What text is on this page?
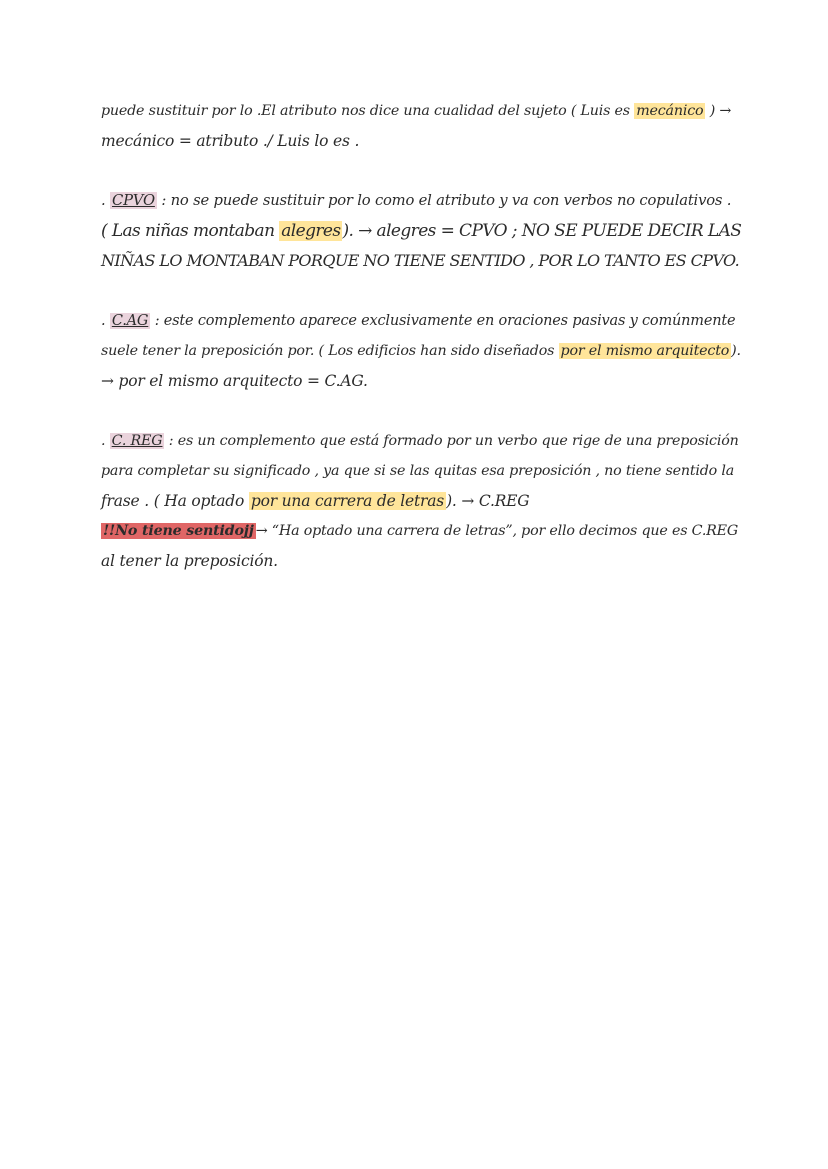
puede sustituir por lo .El atributo nos dice una cualidad del sujeto ( Luis es mecánico ) →
mecánico = atributo ./ Luis lo es .
. CPVO : no se puede sustituir por lo como el atributo y va con verbos no copulativos .
( Las niñas montaban alegres ). → alegres = CPVO ; NO SE PUEDE DECIR LAS
NIÑAS LO MONTABAN PORQUE NO TIENE SENTIDO , POR LO TANTO ES CPVO.
. C.AG : este complemento aparece exclusivamente en oraciones pasivas y comúnmente
suele tener la preposición por. ( Los edificios han sido diseñados por el mismo arquitecto ).
→ por el mismo arquitecto = C.AG.
. C. REG : es un complemento que está formado por un verbo que rige de una preposición
para completar su significado , ya que si se las quitas esa preposición , no tiene sentido la
frase . ( Ha optado por una carrera de letras ). → C.REG
!!No tiene sentidojj → “Ha optado una carrera de letras”, por ello decimos que es C.REG
al tener la preposición.
